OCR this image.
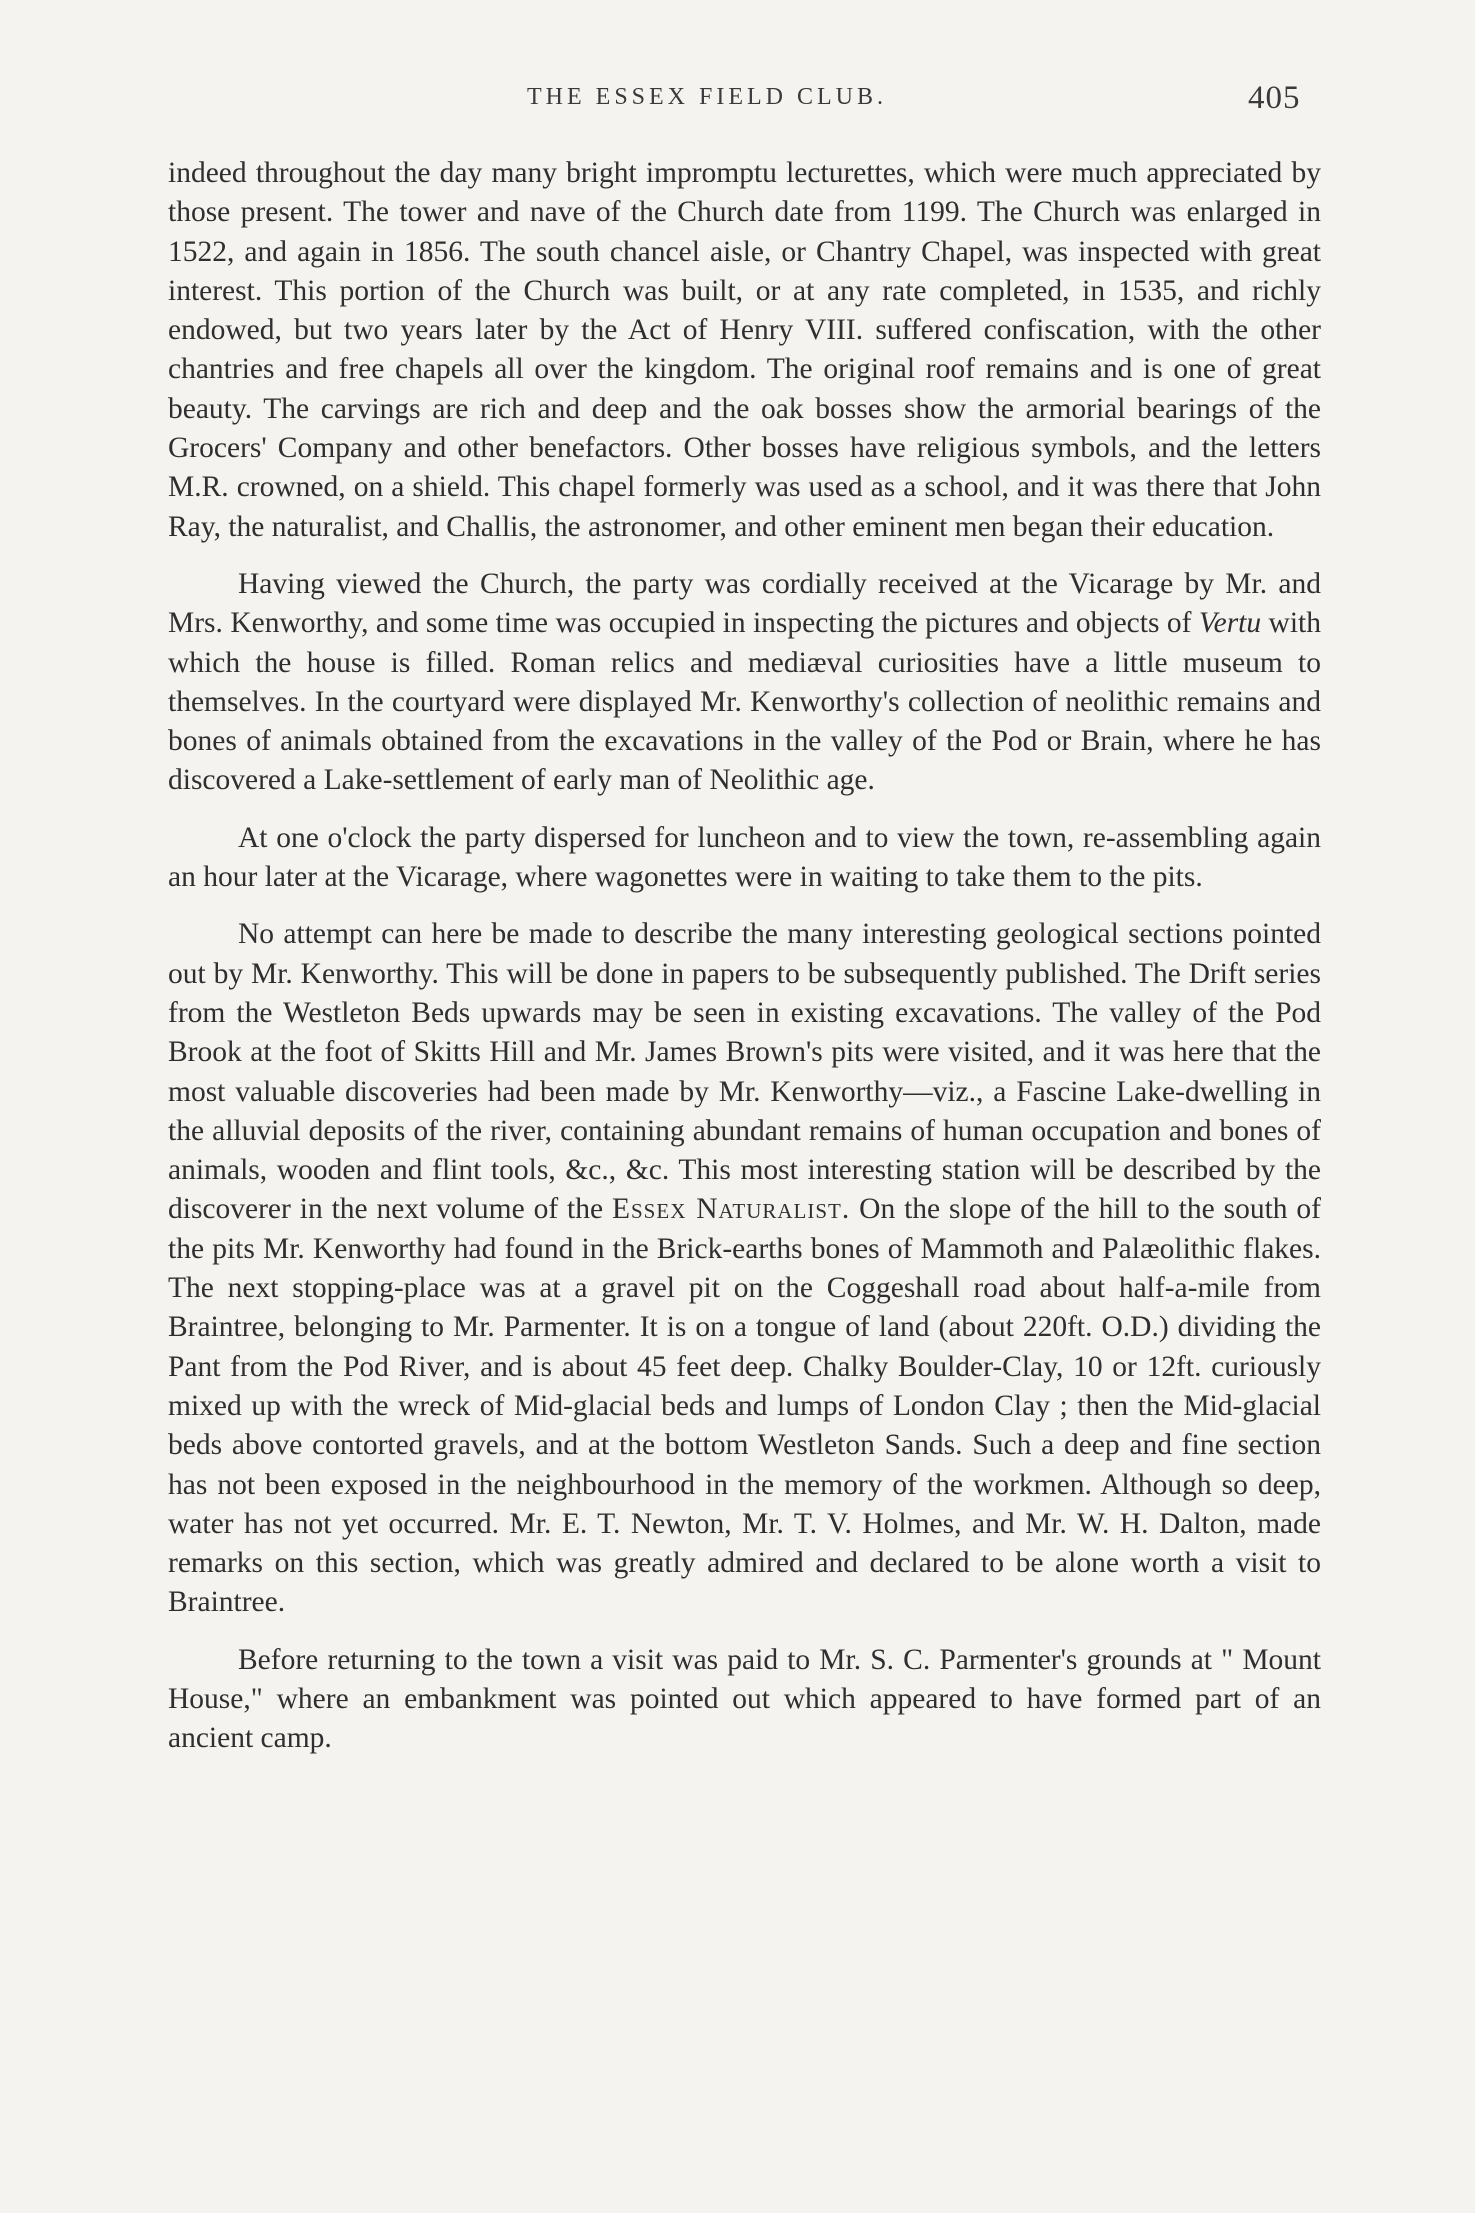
THE ESSEX FIELD CLUB.	405

indeed throughout the day many bright impromptu lecturettes, which were much appreciated by those present. The tower and nave of the Church date from 1199. The Church was enlarged in 1522, and again in 1856. The south chancel aisle, or Chantry Chapel, was inspected with great interest. This portion of the Church was built, or at any rate completed, in 1535, and richly endowed, but two years later by the Act of Henry VIII. suffered confiscation, with the other chantries and free chapels all over the kingdom. The original roof remains and is one of great beauty. The carvings are rich and deep and the oak bosses show the armorial bearings of the Grocers' Company and other benefactors. Other bosses have religious symbols, and the letters M.R. crowned, on a shield. This chapel formerly was used as a school, and it was there that John Ray, the naturalist, and Challis, the astronomer, and other eminent men began their education.

Having viewed the Church, the party was cordially received at the Vicarage by Mr. and Mrs. Kenworthy, and some time was occupied in inspecting the pictures and objects of Vertu with which the house is filled. Roman relics and mediæval curiosities have a little museum to themselves. In the courtyard were displayed Mr. Kenworthy's collection of neolithic remains and bones of animals obtained from the excavations in the valley of the Pod or Brain, where he has discovered a Lake-settlement of early man of Neolithic age.

At one o'clock the party dispersed for luncheon and to view the town, re-assembling again an hour later at the Vicarage, where wagonettes were in waiting to take them to the pits.

No attempt can here be made to describe the many interesting geological sections pointed out by Mr. Kenworthy. This will be done in papers to be subsequently published. The Drift series from the Westleton Beds upwards may be seen in existing excavations. The valley of the Pod Brook at the foot of Skitts Hill and Mr. James Brown's pits were visited, and it was here that the most valuable discoveries had been made by Mr. Kenworthy—viz., a Fascine Lake-dwelling in the alluvial deposits of the river, containing abundant remains of human occupation and bones of animals, wooden and flint tools, &c., &c. This most interesting station will be described by the discoverer in the next volume of the Essex Naturalist. On the slope of the hill to the south of the pits Mr. Kenworthy had found in the Brick-earths bones of Mammoth and Palæolithic flakes. The next stopping-place was at a gravel pit on the Coggeshall road about half-a-mile from Braintree, belonging to Mr. Parmenter. It is on a tongue of land (about 220ft. O.D.) dividing the Pant from the Pod River, and is about 45 feet deep. Chalky Boulder-Clay, 10 or 12ft. curiously mixed up with the wreck of Mid-glacial beds and lumps of London Clay ; then the Mid-glacial beds above contorted gravels, and at the bottom Westleton Sands. Such a deep and fine section has not been exposed in the neighbourhood in the memory of the workmen. Although so deep, water has not yet occurred. Mr. E. T. Newton, Mr. T. V. Holmes, and Mr. W. H. Dalton, made remarks on this section, which was greatly admired and declared to be alone worth a visit to Braintree.

Before returning to the town a visit was paid to Mr. S. C. Parmenter's grounds at " Mount House," where an embankment was pointed out which appeared to have formed part of an ancient camp.
